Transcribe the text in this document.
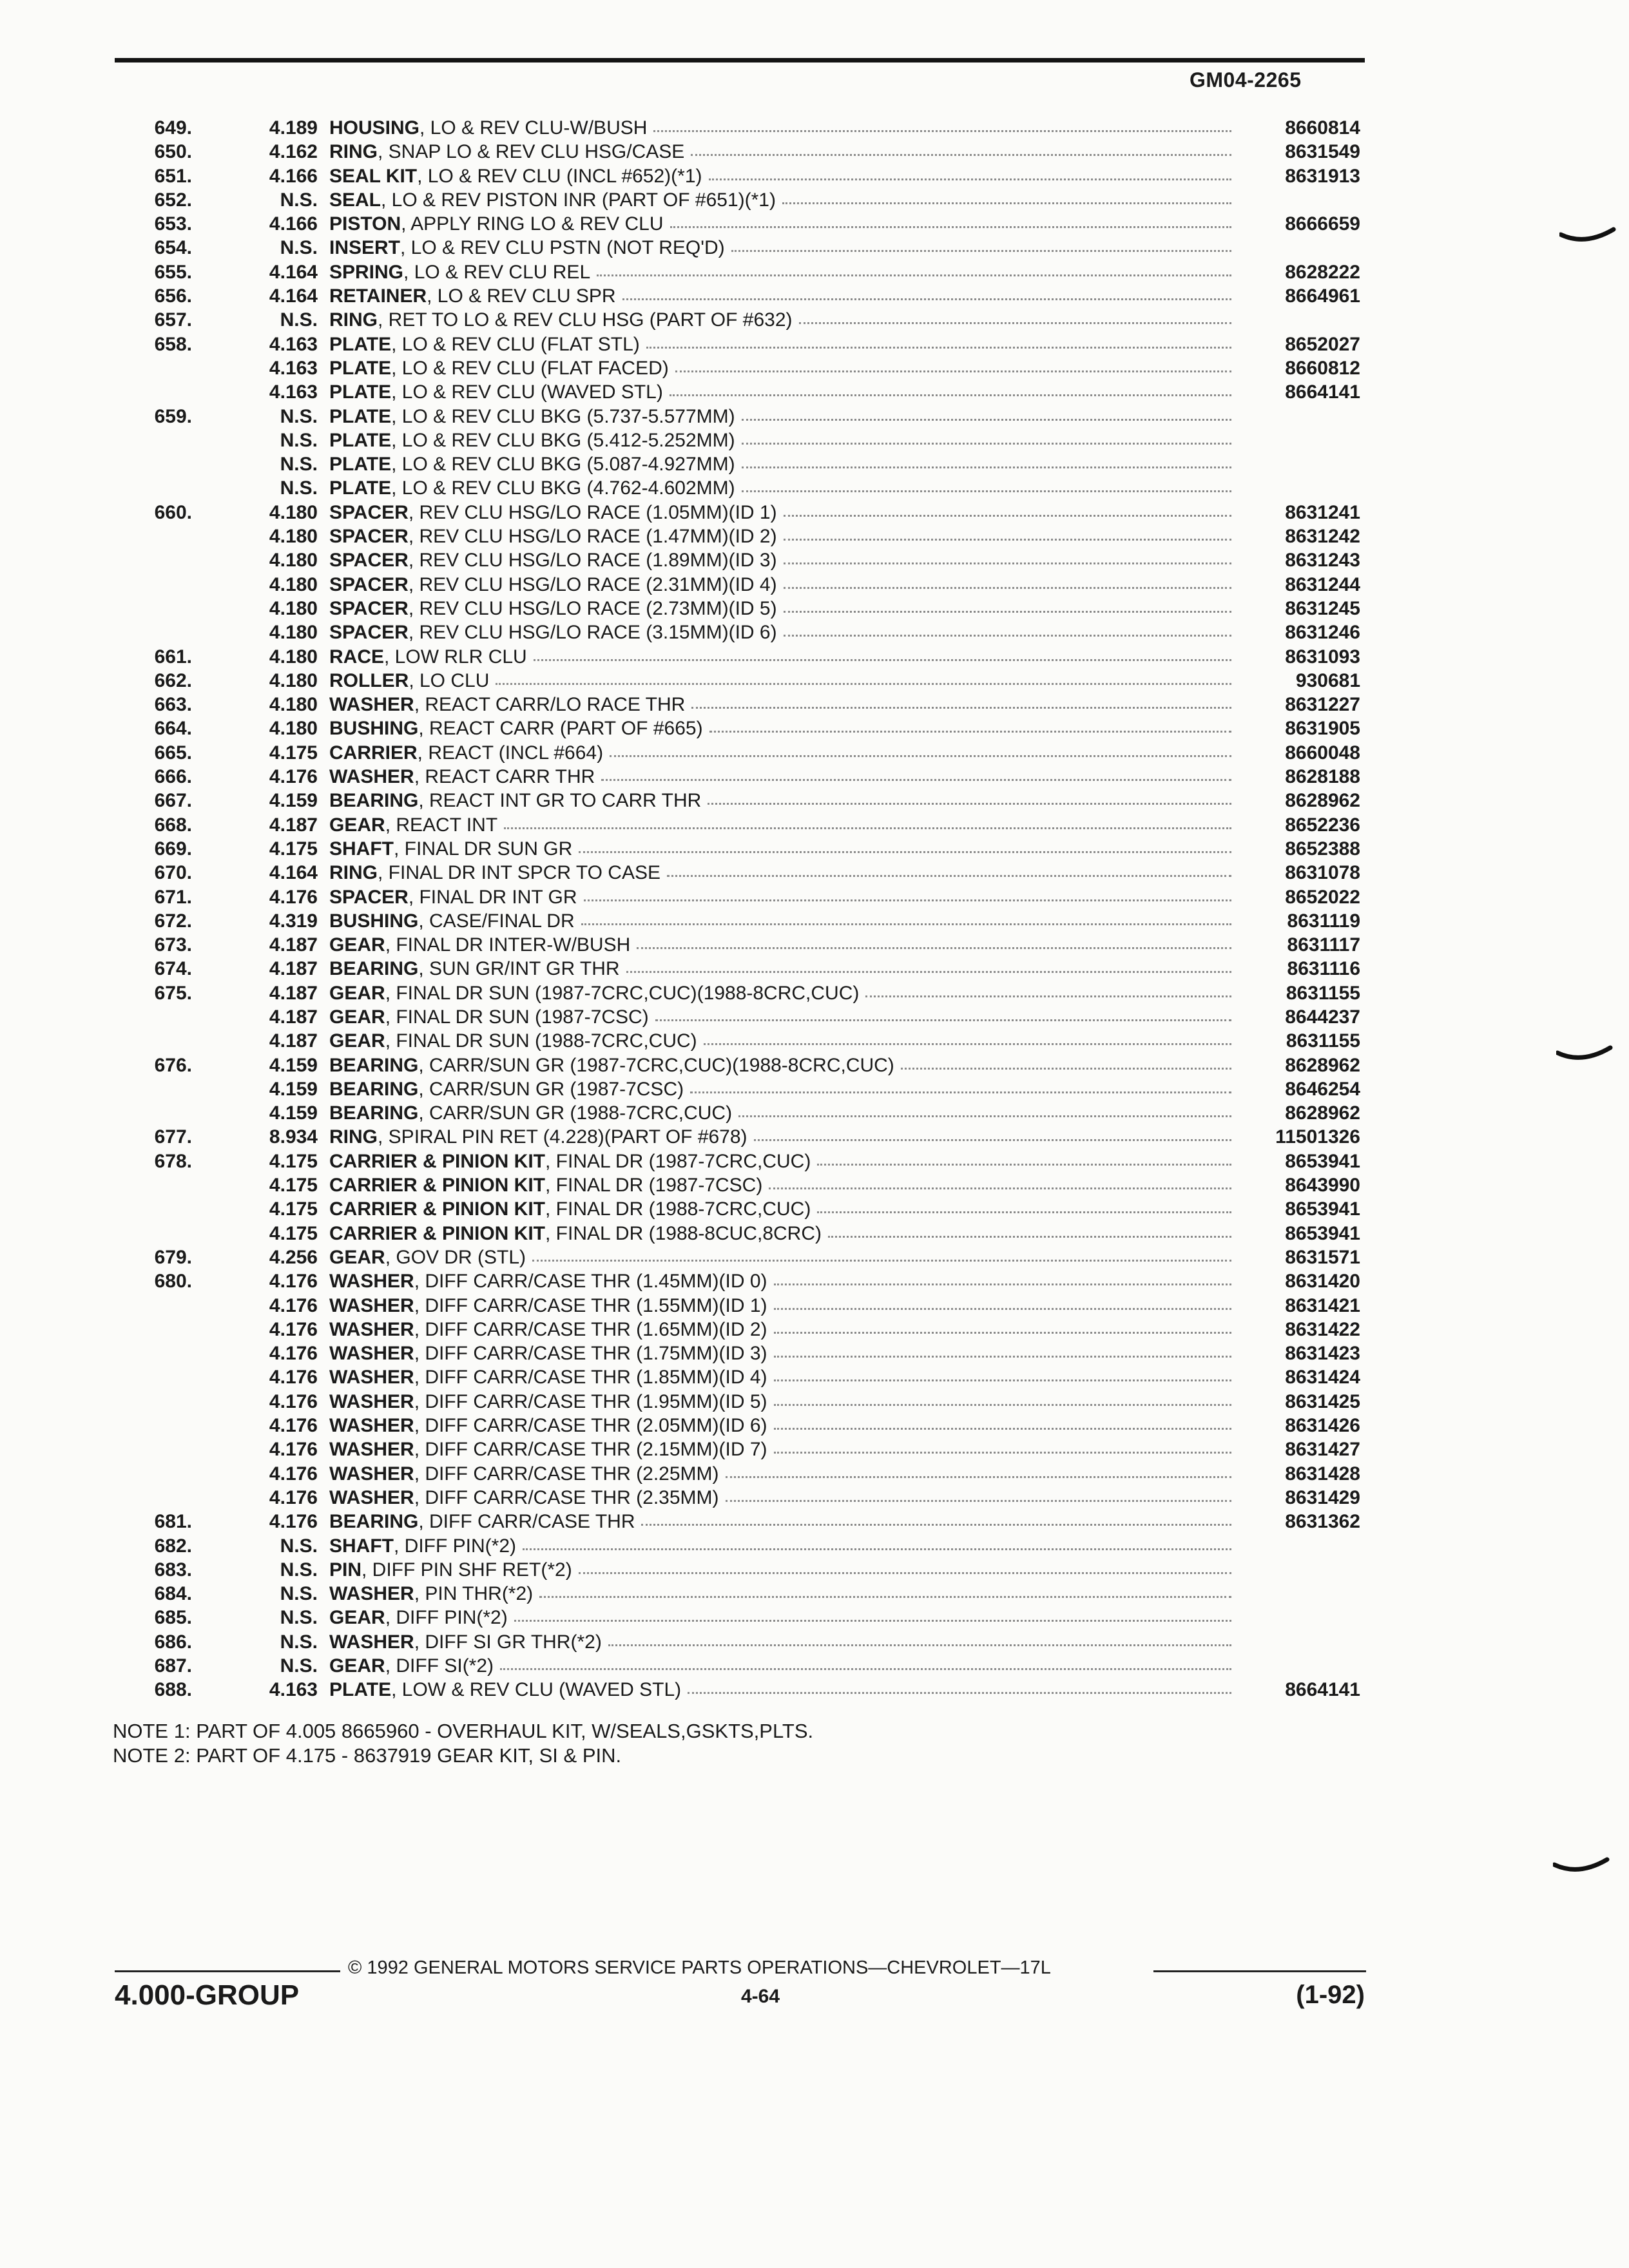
GM04-2265
649.	4.189 HOUSING, LO & REV CLU-W/BUSH	8660814
650.	4.162 RING, SNAP LO & REV CLU HSG/CASE	8631549
651.	4.166 SEAL KIT, LO & REV CLU (INCL #652)(*1)	8631913
652.	N.S. SEAL, LO & REV PISTON INR (PART OF #651)(*1)
653.	4.166 PISTON, APPLY RING LO & REV CLU	8666659
654.	N.S. INSERT, LO & REV CLU PSTN (NOT REQ'D)
655.	4.164 SPRING, LO & REV CLU REL	8628222
656.	4.164 RETAINER, LO & REV CLU SPR	8664961
657.	N.S. RING, RET TO LO & REV CLU HSG (PART OF #632)
658.	4.163 PLATE, LO & REV CLU (FLAT STL)	8652027
4.163 PLATE, LO & REV CLU (FLAT FACED)	8660812
4.163 PLATE, LO & REV CLU (WAVED STL)	8664141
659.	N.S. PLATE, LO & REV CLU BKG (5.737-5.577MM)
N.S. PLATE, LO & REV CLU BKG (5.412-5.252MM)
N.S. PLATE, LO & REV CLU BKG (5.087-4.927MM)
N.S. PLATE, LO & REV CLU BKG (4.762-4.602MM)
660.	4.180 SPACER, REV CLU HSG/LO RACE (1.05MM)(ID 1)	8631241
4.180 SPACER, REV CLU HSG/LO RACE (1.47MM)(ID 2)	8631242
4.180 SPACER, REV CLU HSG/LO RACE (1.89MM)(ID 3)	8631243
4.180 SPACER, REV CLU HSG/LO RACE (2.31MM)(ID 4)	8631244
4.180 SPACER, REV CLU HSG/LO RACE (2.73MM)(ID 5)	8631245
4.180 SPACER, REV CLU HSG/LO RACE (3.15MM)(ID 6)	8631246
661.	4.180 RACE, LOW RLR CLU	8631093
662.	4.180 ROLLER, LO CLU	930681
663.	4.180 WASHER, REACT CARR/LO RACE THR	8631227
664.	4.180 BUSHING, REACT CARR (PART OF #665)	8631905
665.	4.175 CARRIER, REACT (INCL #664)	8660048
666.	4.176 WASHER, REACT CARR THR	8628188
667.	4.159 BEARING, REACT INT GR TO CARR THR	8628962
668.	4.187 GEAR, REACT INT	8652236
669.	4.175 SHAFT, FINAL DR SUN GR	8652388
670.	4.164 RING, FINAL DR INT SPCR TO CASE	8631078
671.	4.176 SPACER, FINAL DR INT GR	8652022
672.	4.319 BUSHING, CASE/FINAL DR	8631119
673.	4.187 GEAR, FINAL DR INTER-W/BUSH	8631117
674.	4.187 BEARING, SUN GR/INT GR THR	8631116
675.	4.187 GEAR, FINAL DR SUN (1987-7CRC,CUC)(1988-8CRC,CUC)	8631155
4.187 GEAR, FINAL DR SUN (1987-7CSC)	8644237
4.187 GEAR, FINAL DR SUN (1988-7CRC,CUC)	8631155
676.	4.159 BEARING, CARR/SUN GR (1987-7CRC,CUC)(1988-8CRC,CUC)	8628962
4.159 BEARING, CARR/SUN GR (1987-7CSC)	8646254
4.159 BEARING, CARR/SUN GR (1988-7CRC,CUC)	8628962
677.	8.934 RING, SPIRAL PIN RET (4.228)(PART OF #678)	11501326
678.	4.175 CARRIER & PINION KIT, FINAL DR (1987-7CRC,CUC)	8653941
4.175 CARRIER & PINION KIT, FINAL DR (1987-7CSC)	8643990
4.175 CARRIER & PINION KIT, FINAL DR (1988-7CRC,CUC)	8653941
4.175 CARRIER & PINION KIT, FINAL DR (1988-8CUC,8CRC)	8653941
679.	4.256 GEAR, GOV DR (STL)	8631571
680.	4.176 WASHER, DIFF CARR/CASE THR (1.45MM)(ID 0)	8631420
4.176 WASHER, DIFF CARR/CASE THR (1.55MM)(ID 1)	8631421
4.176 WASHER, DIFF CARR/CASE THR (1.65MM)(ID 2)	8631422
4.176 WASHER, DIFF CARR/CASE THR (1.75MM)(ID 3)	8631423
4.176 WASHER, DIFF CARR/CASE THR (1.85MM)(ID 4)	8631424
4.176 WASHER, DIFF CARR/CASE THR (1.95MM)(ID 5)	8631425
4.176 WASHER, DIFF CARR/CASE THR (2.05MM)(ID 6)	8631426
4.176 WASHER, DIFF CARR/CASE THR (2.15MM)(ID 7)	8631427
4.176 WASHER, DIFF CARR/CASE THR (2.25MM)	8631428
4.176 WASHER, DIFF CARR/CASE THR (2.35MM)	8631429
681.	4.176 BEARING, DIFF CARR/CASE THR	8631362
682.	N.S. SHAFT, DIFF PIN(*2)
683.	N.S. PIN, DIFF PIN SHF RET(*2)
684.	N.S. WASHER, PIN THR(*2)
685.	N.S. GEAR, DIFF PIN(*2)
686.	N.S. WASHER, DIFF SI GR THR(*2)
687.	N.S. GEAR, DIFF SI(*2)
688.	4.163 PLATE, LOW & REV CLU (WAVED STL)	8664141
NOTE 1: PART OF 4.005 8665960 - OVERHAUL KIT, W/SEALS,GSKTS,PLTS.
NOTE 2: PART OF 4.175 - 8637919 GEAR KIT, SI & PIN.
© 1992 GENERAL MOTORS SERVICE PARTS OPERATIONS—CHEVROLET—17L
4.000-GROUP	4-64	(1-92)
